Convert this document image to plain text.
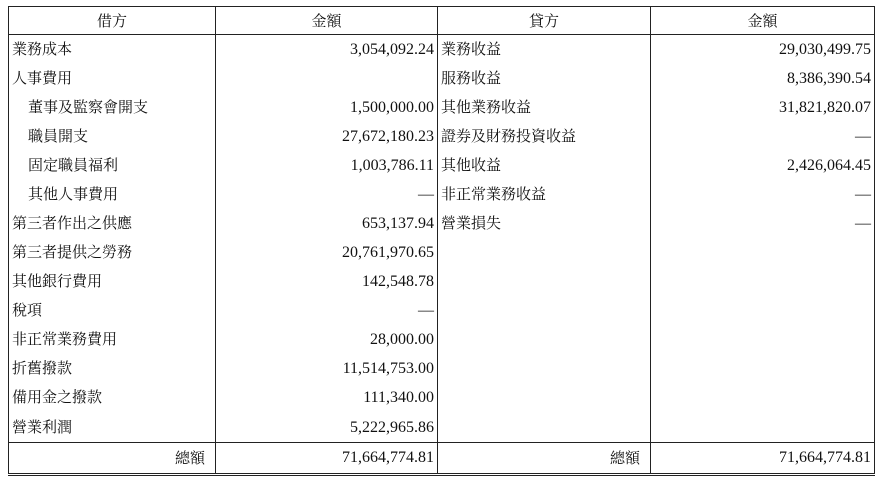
借方	金額	貸方	金額
業務成本	3,054,092.24	業務收益	29,030,499.75
人事費用		服務收益	8,386,390.54
董事及監察會開支	1,500,000.00	其他業務收益	31,821,820.07
職員開支	27,672,180.23	證券及財務投資收益	—
固定職員福利	1,003,786.11	其他收益	2,426,064.45
其他人事費用	—	非正常業務收益	—
第三者作出之供應	653,137.94	營業損失	—
第三者提供之勞務	20,761,970.65		
其他銀行費用	142,548.78		
稅項	—		
非正常業務費用	28,000.00		
折舊撥款	11,514,753.00		
備用金之撥款	111,340.00		
營業利潤	5,222,965.86		
總額	71,664,774.81	總額	71,664,774.81
